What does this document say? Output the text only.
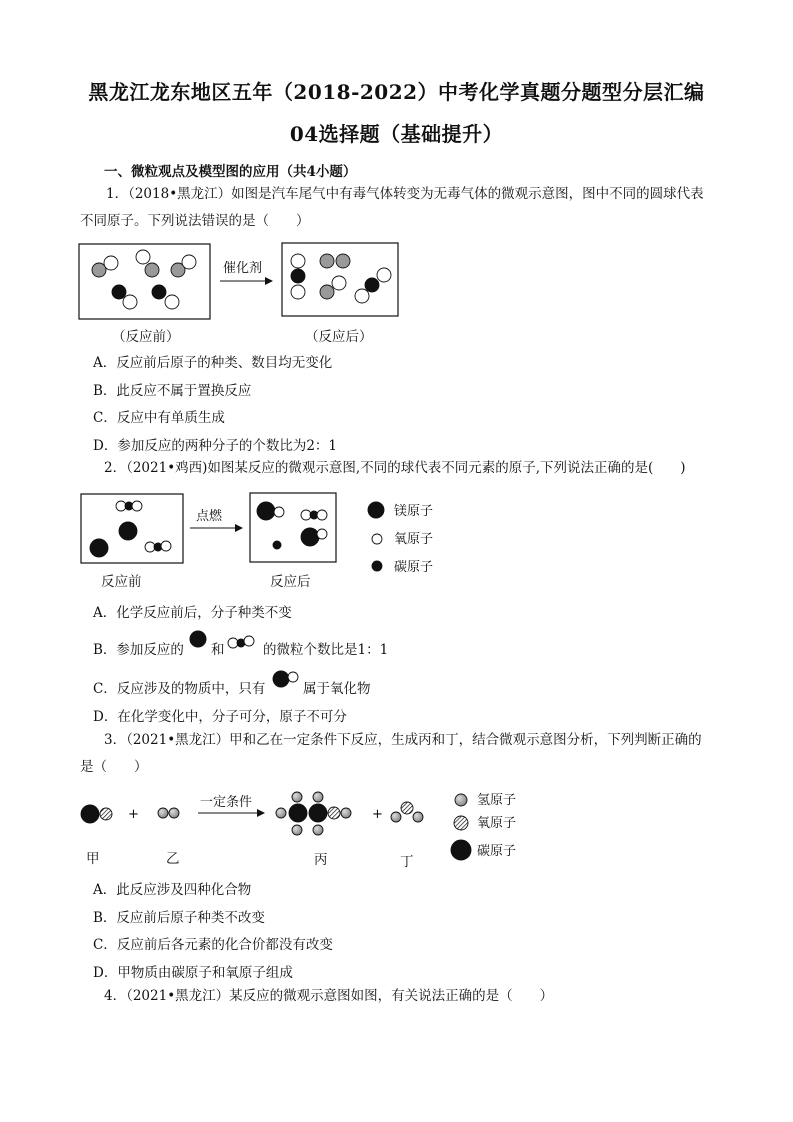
黑龙江龙东地区五年（2018-2022）中考化学真题分题型分层汇编
04选择题（基础提升）
一、微粒观点及模型图的应用（共4小题）
1．（2018•黑龙江）如图是汽车尾气中有毒气体转变为无毒气体的微观示意图，图中不同的圆球代表
不同原子。下列说法错误的是（　　）
催化剂
点燃	镁原子
氧原子
碳原子
+
一定条件
+
氢原子
氧原子
碳原子
（反应前）	（反应后）
A．反应前后原子的种类、数目均无变化
B．此反应不属于置换反应
C．反应中有单质生成
D．参加反应的两种分子的个数比为2：1
2．（2021•鸡西)如图某反应的微观示意图,不同的球代表不同元素的原子,下列说法正确的是(　　)
反应前	反应后
A．化学反应前后，分子种类不变
B．参加反应的 和	的微粒个数比是1：1
C．反应涉及的物质中，只有	属于氧化物
D．在化学变化中，分子可分，原子不可分
3．（2021•黑龙江）甲和乙在一定条件下反应，生成丙和丁，结合微观示意图分析，下列判断正确的
是（　　）
甲	乙	丙	丁
A．此反应涉及四种化合物
B．反应前后原子种类不改变
C．反应前后各元素的化合价都没有改变
D．甲物质由碳原子和氧原子组成
4．（2021•黑龙江）某反应的微观示意图如图，有关说法正确的是（　　）
